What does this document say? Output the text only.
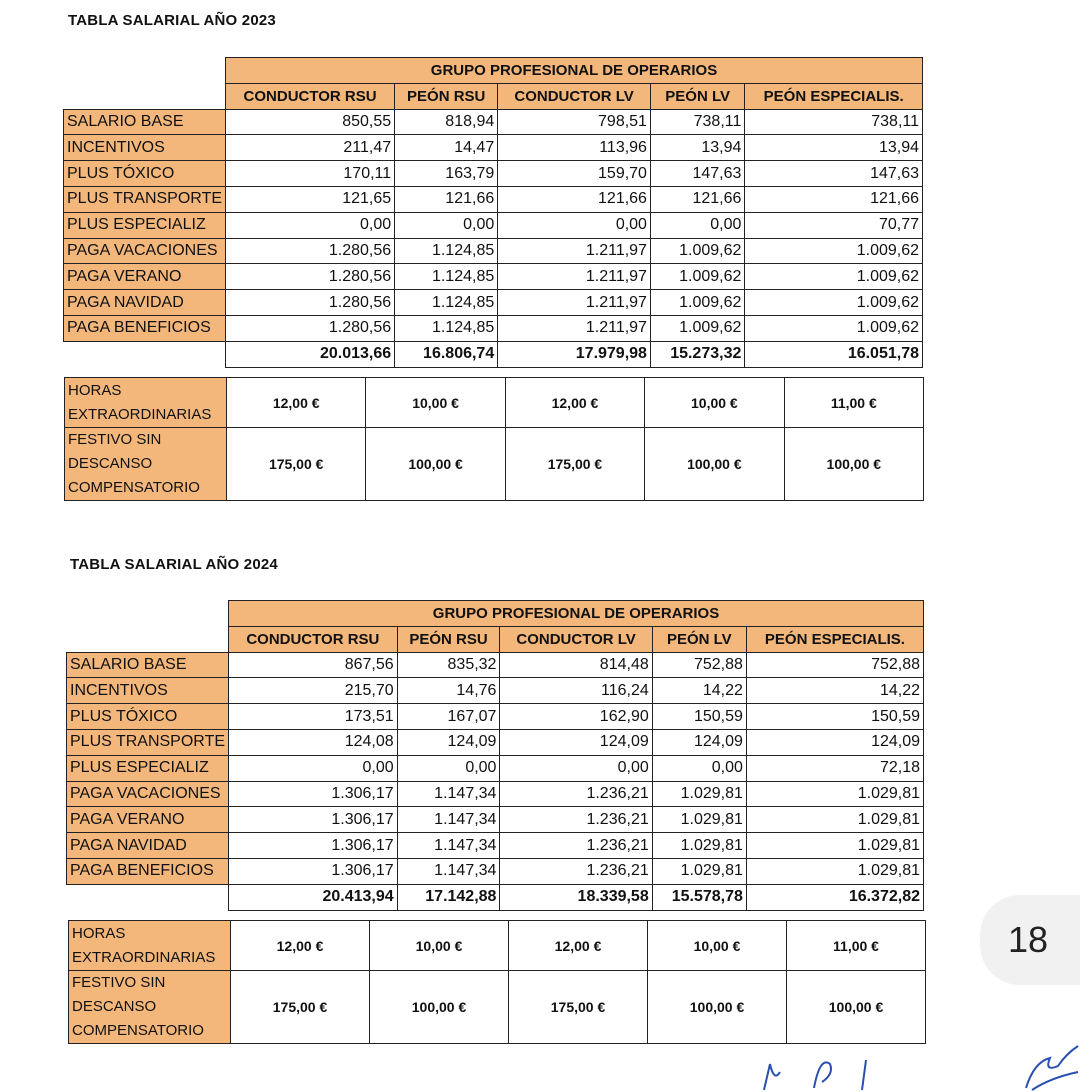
TABLA SALARIAL AÑO 2023
	GRUPO PROFESIONAL DE OPERARIOS				
	CONDUCTOR RSU	PEÓN RSU	CONDUCTOR LV	PEÓN LV	PEÓN ESPECIALIS.
SALARIO BASE	850,55	818,94	798,51	738,11	738,11
INCENTIVOS	211,47	14,47	113,96	13,94	13,94
PLUS TÓXICO	170,11	163,79	159,70	147,63	147,63
PLUS TRANSPORTE	121,65	121,66	121,66	121,66	121,66
PLUS ESPECIALIZ	0,00	0,00	0,00	0,00	70,77
PAGA VACACIONES	1.280,56	1.124,85	1.211,97	1.009,62	1.009,62
PAGA VERANO	1.280,56	1.124,85	1.211,97	1.009,62	1.009,62
PAGA NAVIDAD	1.280,56	1.124,85	1.211,97	1.009,62	1.009,62
PAGA BENEFICIOS	1.280,56	1.124,85	1.211,97	1.009,62	1.009,62
	20.013,66	16.806,74	17.979,98	15.273,32	16.051,78
HORAS
EXTRAORDINARIAS	12,00 €	10,00 €	12,00 €	10,00 €	11,00 €

FESTIVO SIN
DESCANSO
COMPENSATORIO	175,00 €	100,00 €	175,00 €	100,00 €	100,00 €
TABLA SALARIAL AÑO 2024
	GRUPO PROFESIONAL DE OPERARIOS				
	CONDUCTOR RSU	PEÓN RSU	CONDUCTOR LV	PEÓN LV	PEÓN ESPECIALIS.
SALARIO BASE	867,56	835,32	814,48	752,88	752,88
INCENTIVOS	215,70	14,76	116,24	14,22	14,22
PLUS TÓXICO	173,51	167,07	162,90	150,59	150,59
PLUS TRANSPORTE	124,08	124,09	124,09	124,09	124,09
PLUS ESPECIALIZ	0,00	0,00	0,00	0,00	72,18
PAGA VACACIONES	1.306,17	1.147,34	1.236,21	1.029,81	1.029,81
PAGA VERANO	1.306,17	1.147,34	1.236,21	1.029,81	1.029,81
PAGA NAVIDAD	1.306,17	1.147,34	1.236,21	1.029,81	1.029,81
PAGA BENEFICIOS	1.306,17	1.147,34	1.236,21	1.029,81	1.029,81
	20.413,94	17.142,88	18.339,58	15.578,78	16.372,82
HORAS
EXTRAORDINARIAS	12,00 €	10,00 €	12,00 €	10,00 €	11,00 €

FESTIVO SIN
DESCANSO
COMPENSATORIO	175,00 €	100,00 €	175,00 €	100,00 €	100,00 €
18
